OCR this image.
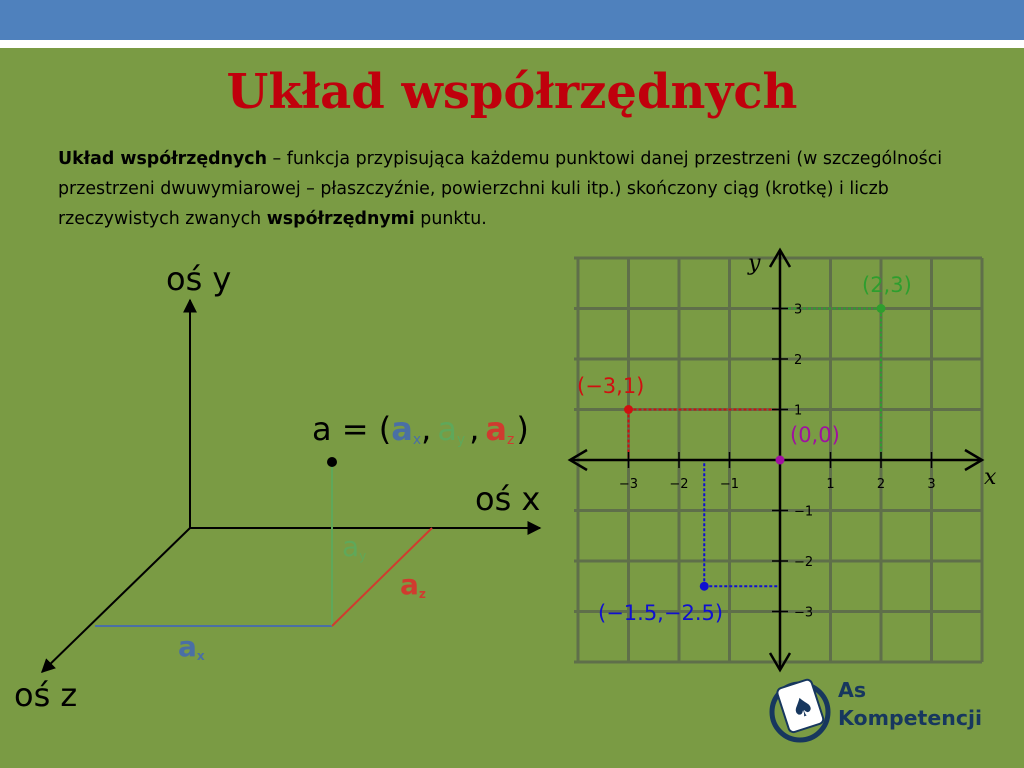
Układ współrzędnych

Układ współrzędnych – funkcja przypisująca każdemu punktowi danej przestrzeni (w szczególności przestrzeni dwuwymiarowej – płaszczyźnie, powierzchni kuli itp.) skończony ciąg (krotkę) i liczb rzeczywistych zwanych współrzędnymi punktu.

oś y
oś x
oś z
a = (ax, ay , az)
ay
az
ax
−3 −2 −1	1	2	3
3
2
1
−1
−2
−3
x
y
(2,3)
(−3,1)
(0,0)
(−1.5,−2.5)
♠
As
Kompetencji
